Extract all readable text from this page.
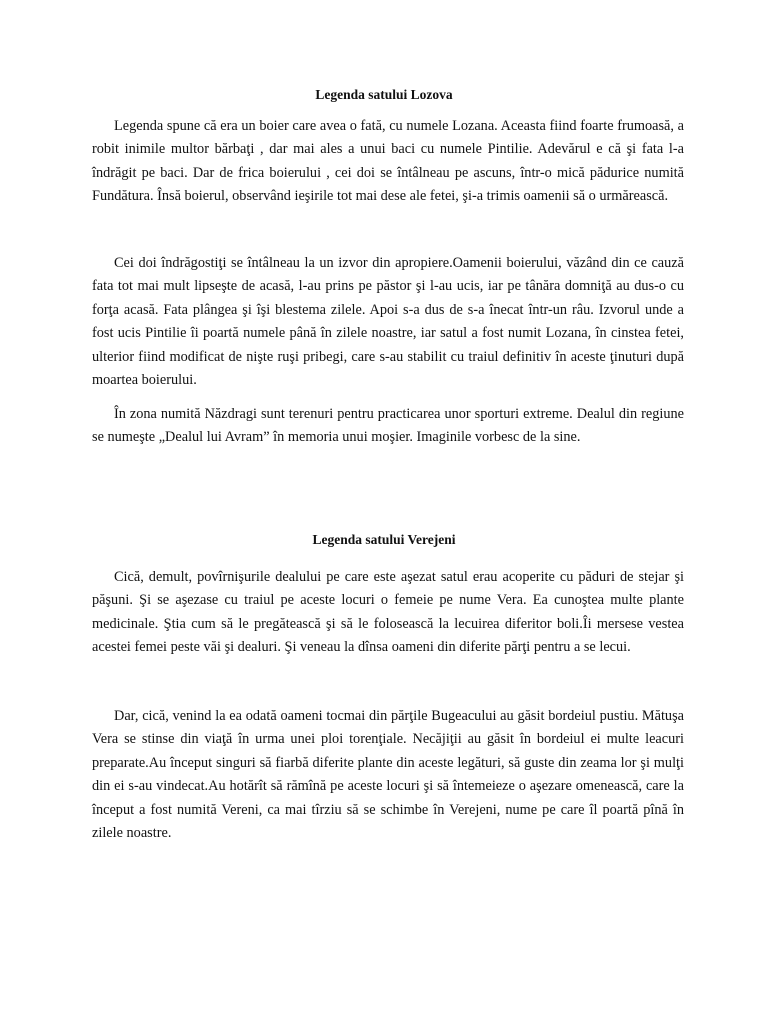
Legenda satului Lozova

Legenda spune că era un boier care avea o fată, cu numele Lozana. Aceasta fiind foarte frumoasă, a robit inimile multor bărbaţi , dar mai ales a unui baci cu numele Pintilie. Adevărul e că şi fata l-a îndrăgit pe baci. Dar de frica boierului , cei doi se întâlneau pe ascuns, într-o mică pădurice numită Fundătura. Însă boierul, observând ieşirile tot mai dese ale fetei, şi-a trimis oamenii să o urmărească.

Cei doi îndrăgostiţi se întâlneau la un izvor din apropiere.Oamenii boierului, văzând din ce cauză fata tot mai mult lipseşte de acasă, l-au prins pe păstor şi l-au ucis, iar pe tânăra domniţă au dus-o cu forţa acasă. Fata plângea şi îşi blestema zilele. Apoi s-a dus de s-a înecat într-un râu. Izvorul unde a fost ucis Pintilie îi poartă numele până în zilele noastre, iar satul a fost numit Lozana, în cinstea fetei, ulterior fiind modificat de nişte ruşi pribegi, care s-au stabilit cu traiul definitiv în aceste ţinuturi după moartea boierului.

În zona numită Năzdragi sunt terenuri pentru practicarea unor sporturi extreme. Dealul din regiune se numeşte „Dealul lui Avram” în memoria unui moşier. Imaginile vorbesc de la sine.

Legenda satului Verejeni

Cică, demult, povîrnişurile dealului pe care este aşezat satul erau acoperite cu păduri de stejar şi păşuni. Şi se aşezase cu traiul pe aceste locuri o femeie pe nume Vera. Ea cunoştea multe plante medicinale. Ştia cum să le pregătească şi să le folosească la lecuirea diferitor boli.Îi mersese vestea acestei femei peste văi şi dealuri. Şi veneau la dînsa oameni din diferite părţi pentru a se lecui.

Dar, cică, venind la ea odată oameni tocmai din părţile Bugeacului au găsit bordeiul pustiu. Mătuşa Vera se stinse din viaţă în urma unei ploi torenţiale. Necăjiţii au găsit în bordeiul ei multe leacuri preparate.Au început singuri să fiarbă diferite plante din aceste legături, să guste din zeama lor şi mulţi din ei s-au vindecat.Au hotărît să rămînă pe aceste locuri şi să întemeieze o aşezare omenească, care la început a fost numită Vereni, ca mai tîrziu să se schimbe în Verejeni, nume pe care îl poartă pînă în zilele noastre.
